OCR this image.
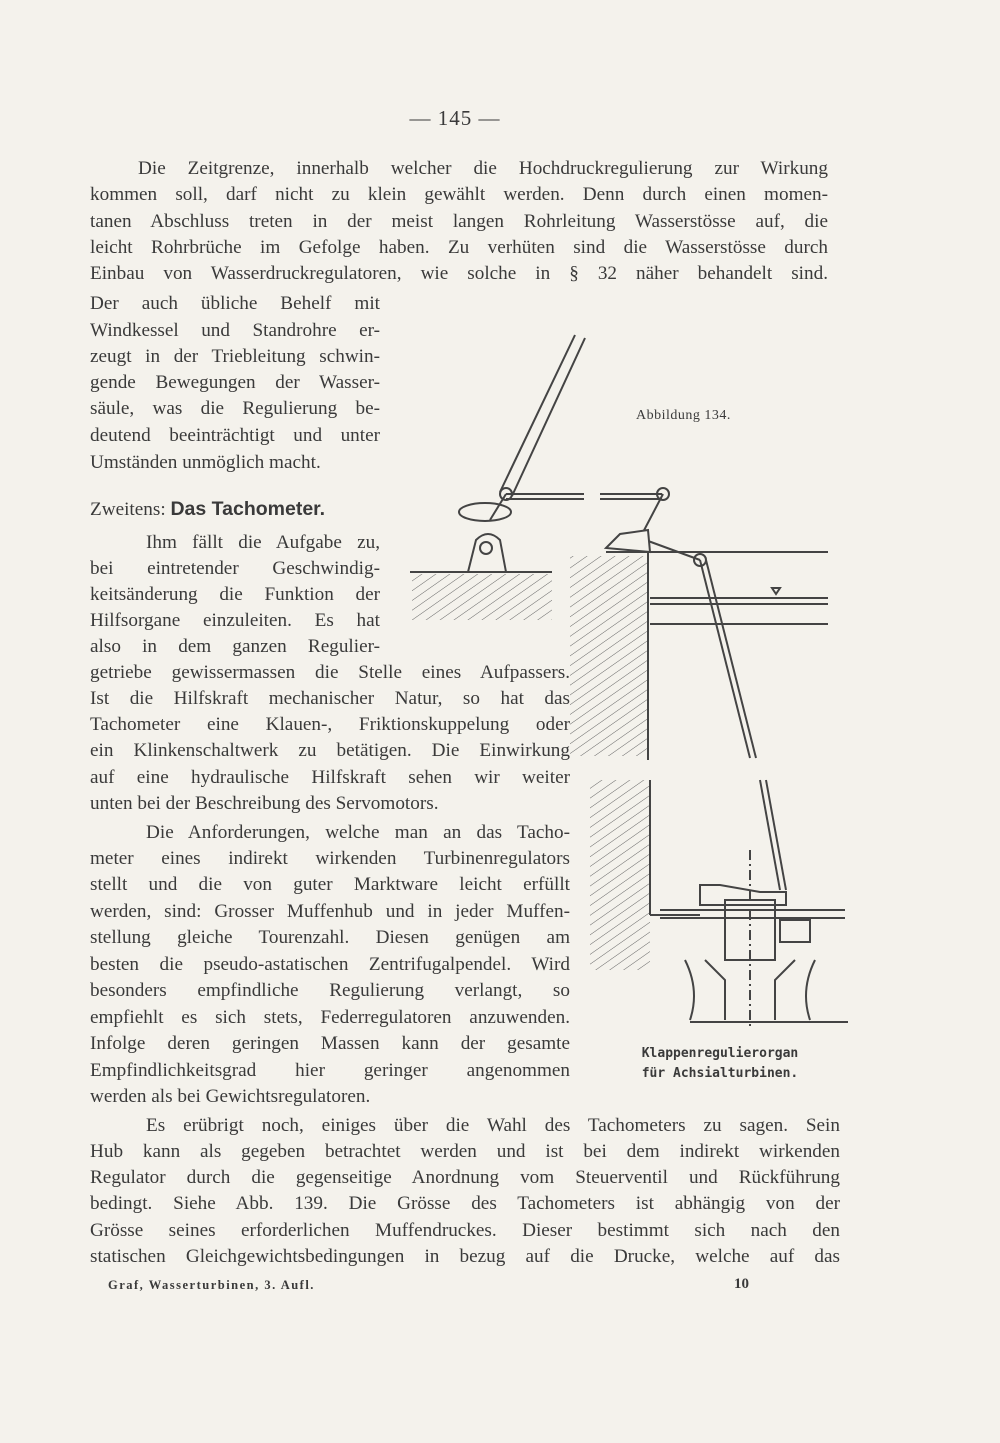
— 145 —
Die Zeitgrenze, innerhalb welcher die Hochdruckregulierung zur Wirkung
kommen soll, darf nicht zu klein gewählt werden. Denn durch einen momen-
tanen Abschluss treten in der meist langen Rohrleitung Wasserstösse auf, die
leicht Rohrbrüche im Gefolge haben. Zu verhüten sind die Wasserstösse durch
Einbau von Wasserdruckregulatoren, wie solche in § 32 näher behandelt sind.
Der auch übliche Behelf mit
Windkessel und Standrohre er-
zeugt in der Triebleitung schwin-
gende Bewegungen der Wasser-
säule, was die Regulierung be-
deutend beeinträchtigt und unter
Umständen unmöglich macht.
Zweitens: Das Tachometer.
Ihm fällt die Aufgabe zu,
bei eintretender Geschwindig-
keitsänderung die Funktion der
Hilfsorgane einzuleiten. Es hat
also in dem ganzen Regulier-
getriebe gewissermassen die Stelle eines Aufpassers.
Ist die Hilfskraft mechanischer Natur, so hat das
Tachometer eine Klauen-, Friktionskuppelung oder
ein Klinkenschaltwerk zu betätigen. Die Einwirkung
auf eine hydraulische Hilfskraft sehen wir weiter
unten bei der Beschreibung des Servomotors.
Die Anforderungen, welche man an das Tacho-
meter eines indirekt wirkenden Turbinenregulators
stellt und die von guter Marktware leicht erfüllt
werden, sind: Grosser Muffenhub und in jeder Muffen-
stellung gleiche Tourenzahl. Diesen genügen am
besten die pseudo-astatischen Zentrifugalpendel. Wird
besonders empfindliche Regulierung verlangt, so
empfiehlt es sich stets, Federregulatoren anzuwenden.
Infolge deren geringen Massen kann der gesamte
Empfindlichkeitsgrad hier geringer angenommen
werden als bei Gewichtsregulatoren.
Es erübrigt noch, einiges über die Wahl des Tachometers zu sagen. Sein
Hub kann als gegeben betrachtet werden und ist bei dem indirekt wirkenden
Regulator durch die gegenseitige Anordnung vom Steuerventil und Rückführung
bedingt. Siehe Abb. 139. Die Grösse des Tachometers ist abhängig von der
Grösse seines erforderlichen Muffendruckes. Dieser bestimmt sich nach den
statischen Gleichgewichtsbedingungen in bezug auf die Drucke, welche auf das
Abbildung 134.
Klappenregulierorgan
für Achsialturbinen.
Graf, Wasserturbinen, 3. Aufl.	10
